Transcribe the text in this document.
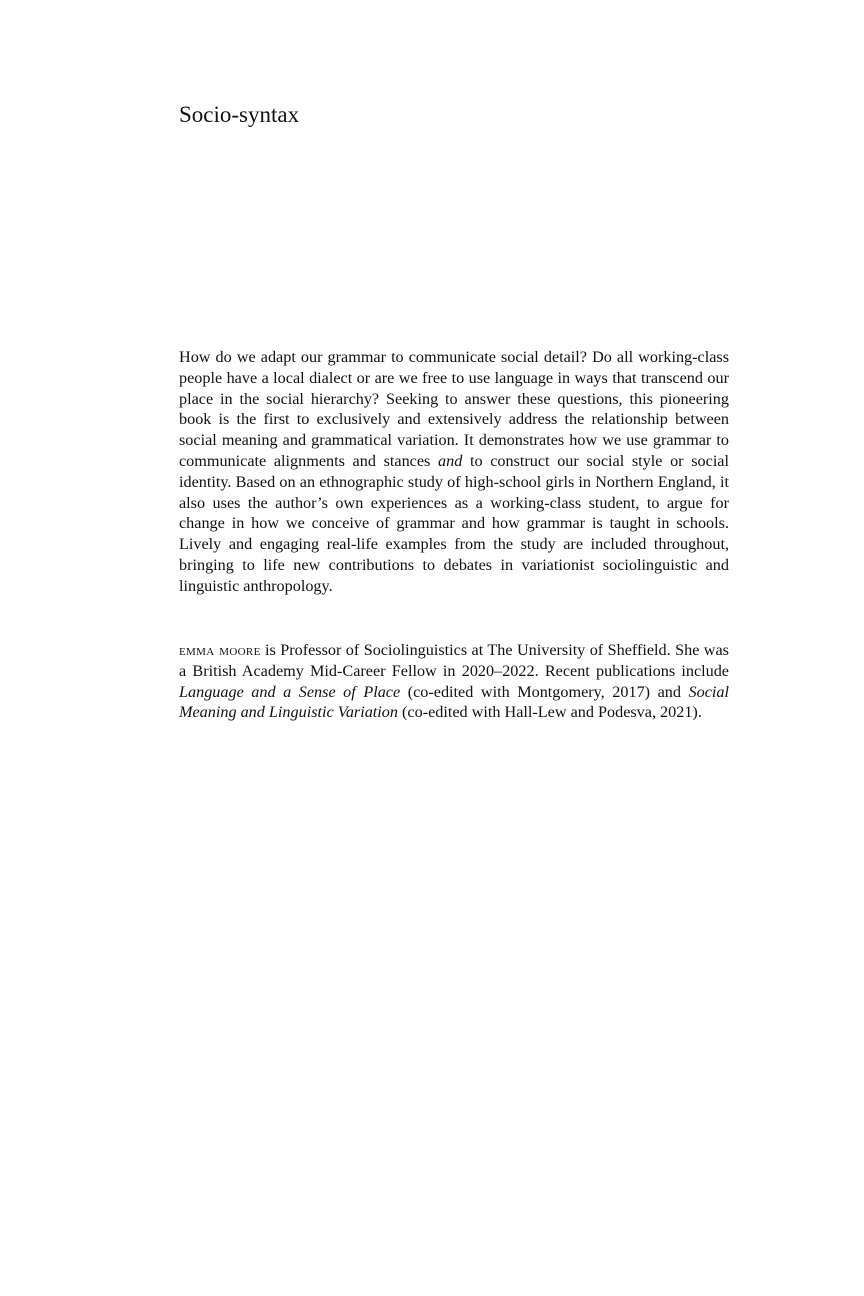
Socio-syntax

How do we adapt our grammar to communicate social detail? Do all working-class people have a local dialect or are we free to use language in ways that transcend our place in the social hierarchy? Seeking to answer these questions, this pioneering book is the first to exclusively and extensively address the relationship between social meaning and grammatical variation. It demonstrates how we use grammar to communicate alignments and stances and to construct our social style or social identity. Based on an ethnographic study of high-school girls in Northern England, it also uses the author’s own experiences as a working-class student, to argue for change in how we conceive of grammar and how grammar is taught in schools. Lively and engaging real-life examples from the study are included throughout, bringing to life new contributions to debates in variationist sociolinguistic and linguistic anthropology.

emma moore is Professor of Sociolinguistics at The University of Sheffield. She was a British Academy Mid-Career Fellow in 2020–2022. Recent publications include Language and a Sense of Place (co-edited with Montgomery, 2017) and Social Meaning and Linguistic Variation (co-edited with Hall-Lew and Podesva, 2021).
